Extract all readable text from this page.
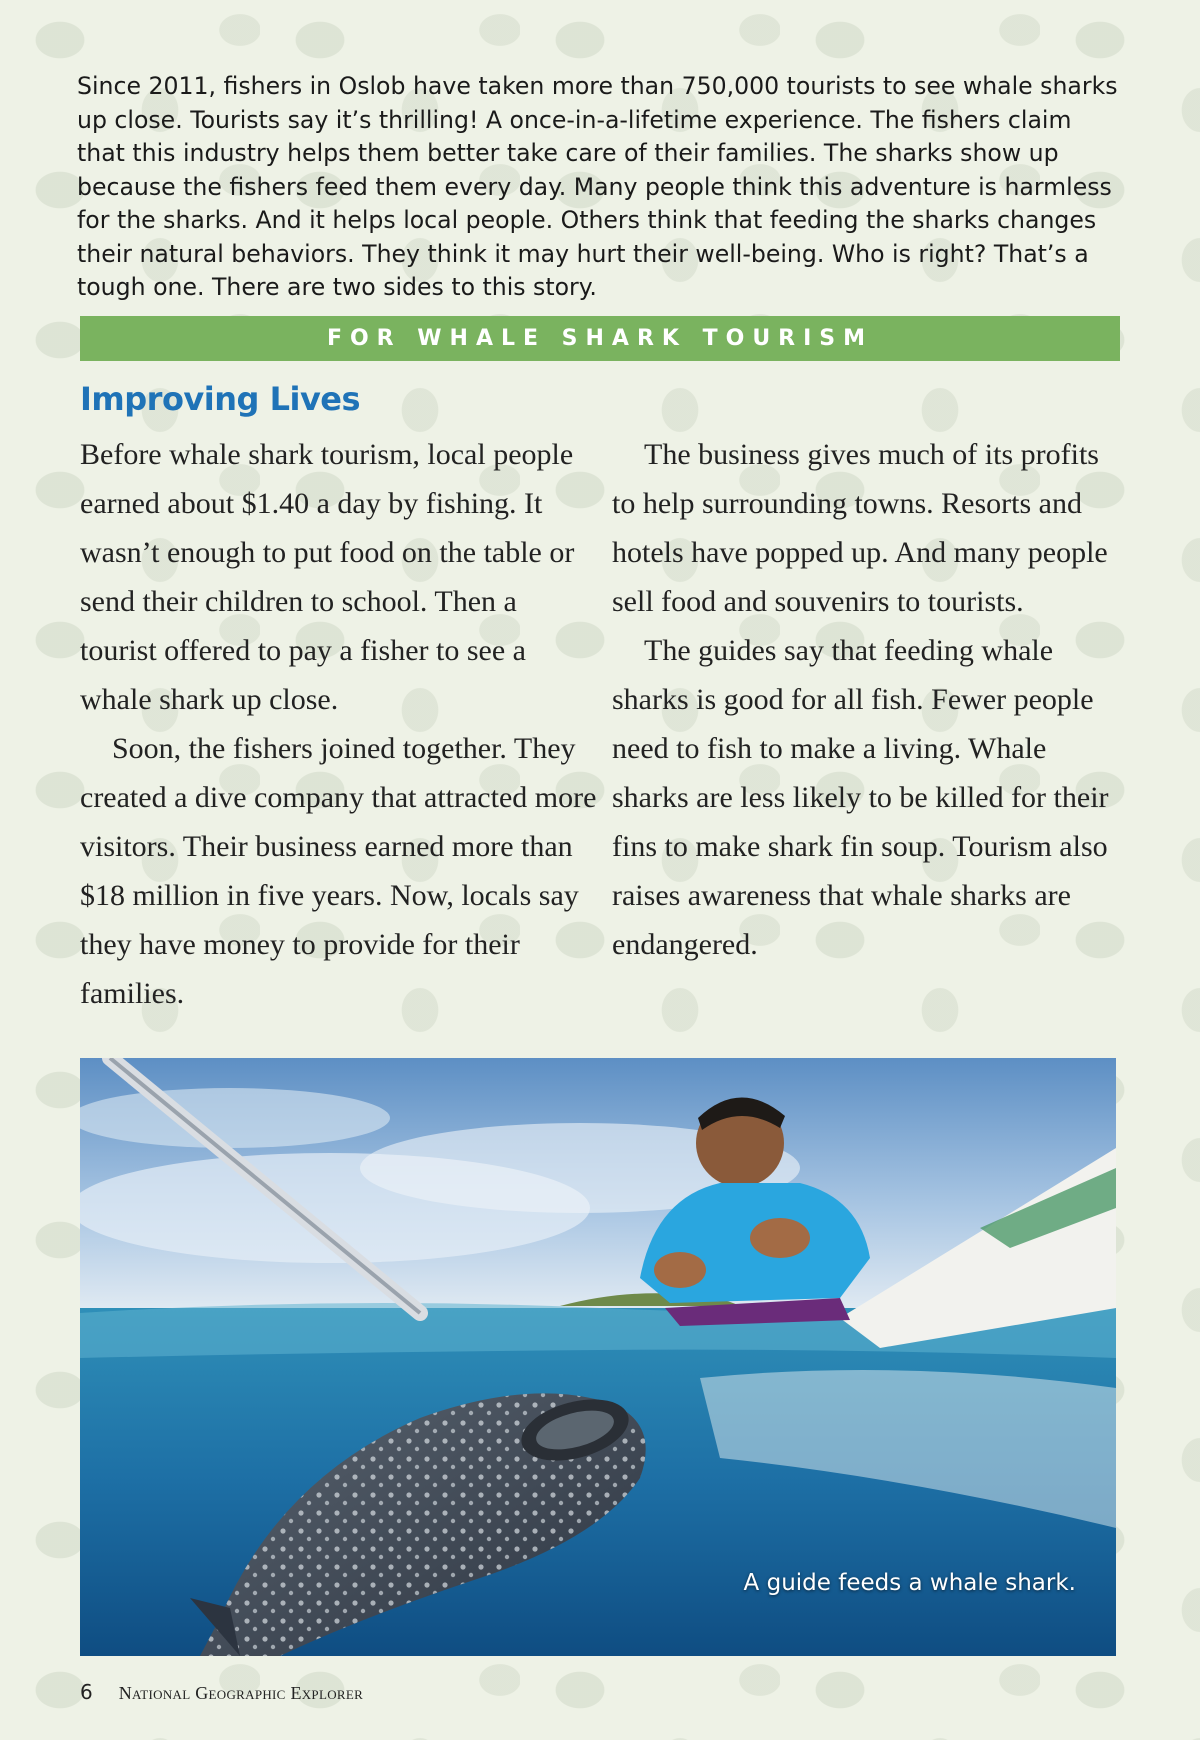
Since 2011, fishers in Oslob have taken more than 750,000 tourists to see whale sharks up close. Tourists say it’s thrilling! A once-in-a-lifetime experience. The fishers claim that this industry helps them better take care of their families. The sharks show up because the fishers feed them every day. Many people think this adventure is harmless for the sharks. And it helps local people. Others think that feeding the sharks changes their natural behaviors. They think it may hurt their well-being. Who is right? That’s a tough one. There are two sides to this story.

FOR WHALE SHARK TOURISM
Improving Lives

Before whale shark tourism, local people earned about $1.40 a day by fishing. It wasn’t enough to put food on the table or send their children to school. Then a tourist offered to pay a fisher to see a whale shark up close.

Soon, the fishers joined together. They created a dive company that attracted more visitors. Their business earned more than $18 million in five years. Now, locals say they have money to provide for their families.

The business gives much of its profits to help surrounding towns. Resorts and hotels have popped up. And many people sell food and souvenirs to tourists.

The guides say that feeding whale sharks is good for all fish. Fewer people need to fish to make a living. Whale sharks are less likely to be killed for their fins to make shark fin soup. Tourism also raises awareness that whale sharks are endangered.

A guide feeds a whale shark.
6 National Geographic Explorer
